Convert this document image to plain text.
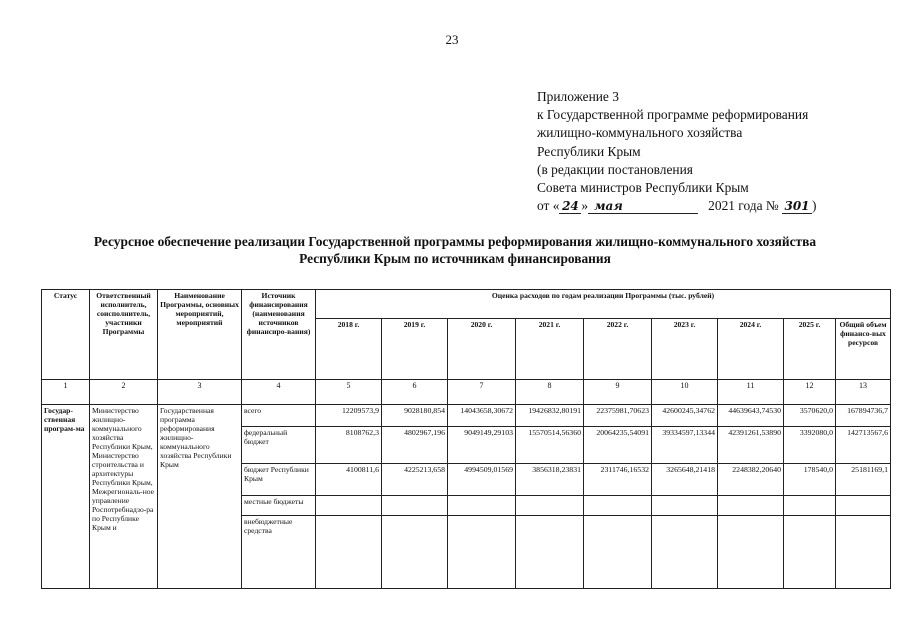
23
Приложение 3
к Государственной программе реформирования
жилищно-коммунального хозяйства
Республики Крым
(в редакции постановления
Совета министров Республики Крым
от « 24 » мая	2021 года № 301 )
Ресурсное обеспечение реализации Государственной программы реформирования жилищно-коммунального хозяйства Республики Крым по источникам финансирования
Статус	Ответственный исполнитель, соисполнитель, участники Программы	Наименование Программы, основных мероприятий, мероприятий	Источник финансирования (наименования источников финансиро-вания)	Оценка расходов по годам реализации Программы (тыс. рублей)								
				2018 г.	2019 г.	2020 г.	2021 г.	2022 г.	2023 г.	2024 г.	2025 г.	Общий объем финансо-вых ресурсов
1	2	3	4	5	6	7	8	9	10	11	12	13
Государ-ственная програм-ма	Министерство жилищно-коммунального хозяйства Республики Крым, Министерство строительства и архитектуры Республики Крым, Межрегиональ-ное управление Роспотребнадзо-ра по Республике Крым и	Государственная программа реформирования жилищно-коммунального хозяйства Республики Крым	всего	12209573,9	9028180,854	14043658,30672	19426832,80191	22375981,70623	42600245,34762	44639643,74530	3570620,0	167894736,7
			федеральный бюджет	8108762,3	4802967,196	9049149,29103	15570514,56360	20064235,54091	39334597,13344	42391261,53890	3392080,0	142713567,6
			бюджет Республики Крым	4100811,6	4225213,658	4994509,01569	3856318,23831	2311746,16532	3265648,21418	2248382,20640	178540,0	25181169,1
			местные бюджеты									
			внебюджетные средства									
